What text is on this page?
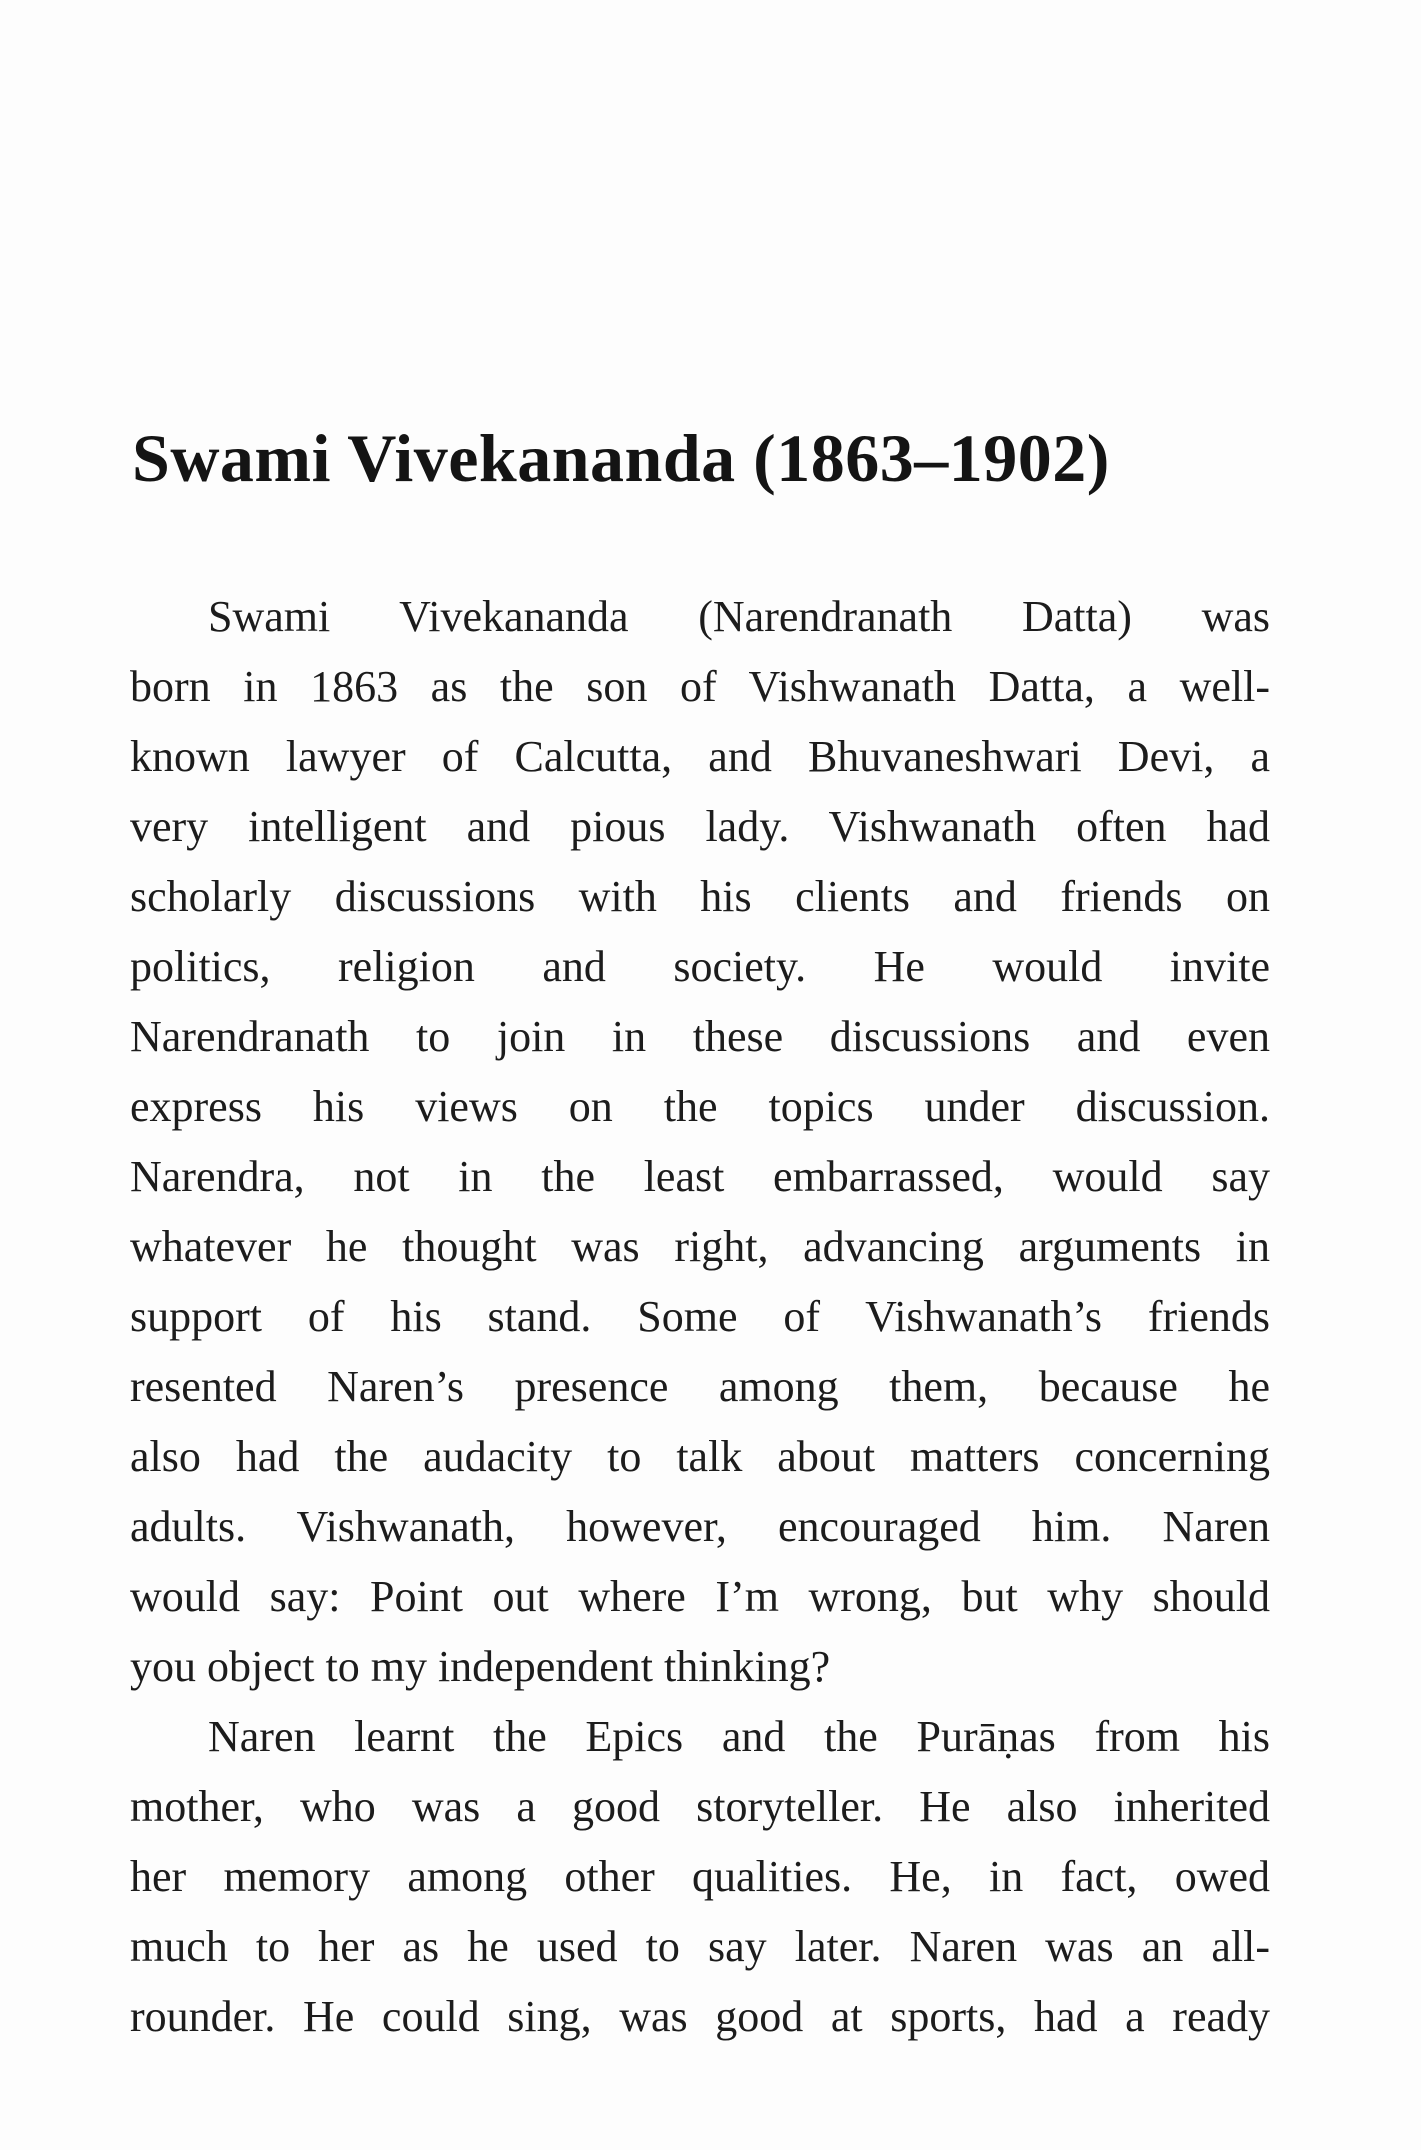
Swami Vivekananda (1863–1902)
Swami Vivekananda (Narendranath Datta) was
born in 1863 as the son of Vishwanath Datta, a well-
known lawyer of Calcutta, and Bhuvaneshwari Devi, a
very intelligent and pious lady. Vishwanath often had
scholarly discussions with his clients and friends on
politics, religion and society. He would invite
Narendranath to join in these discussions and even
express his views on the topics under discussion.
Narendra, not in the least embarrassed, would say
whatever he thought was right, advancing arguments in
support of his stand. Some of Vishwanath’s friends
resented Naren’s presence among them, because he
also had the audacity to talk about matters concerning
adults. Vishwanath, however, encouraged him. Naren
would say: Point out where I’m wrong, but why should
you object to my independent thinking?
Naren learnt the Epics and the Purāṇas from his
mother, who was a good storyteller. He also inherited
her memory among other qualities. He, in fact, owed
much to her as he used to say later. Naren was an all-
rounder. He could sing, was good at sports, had a ready
